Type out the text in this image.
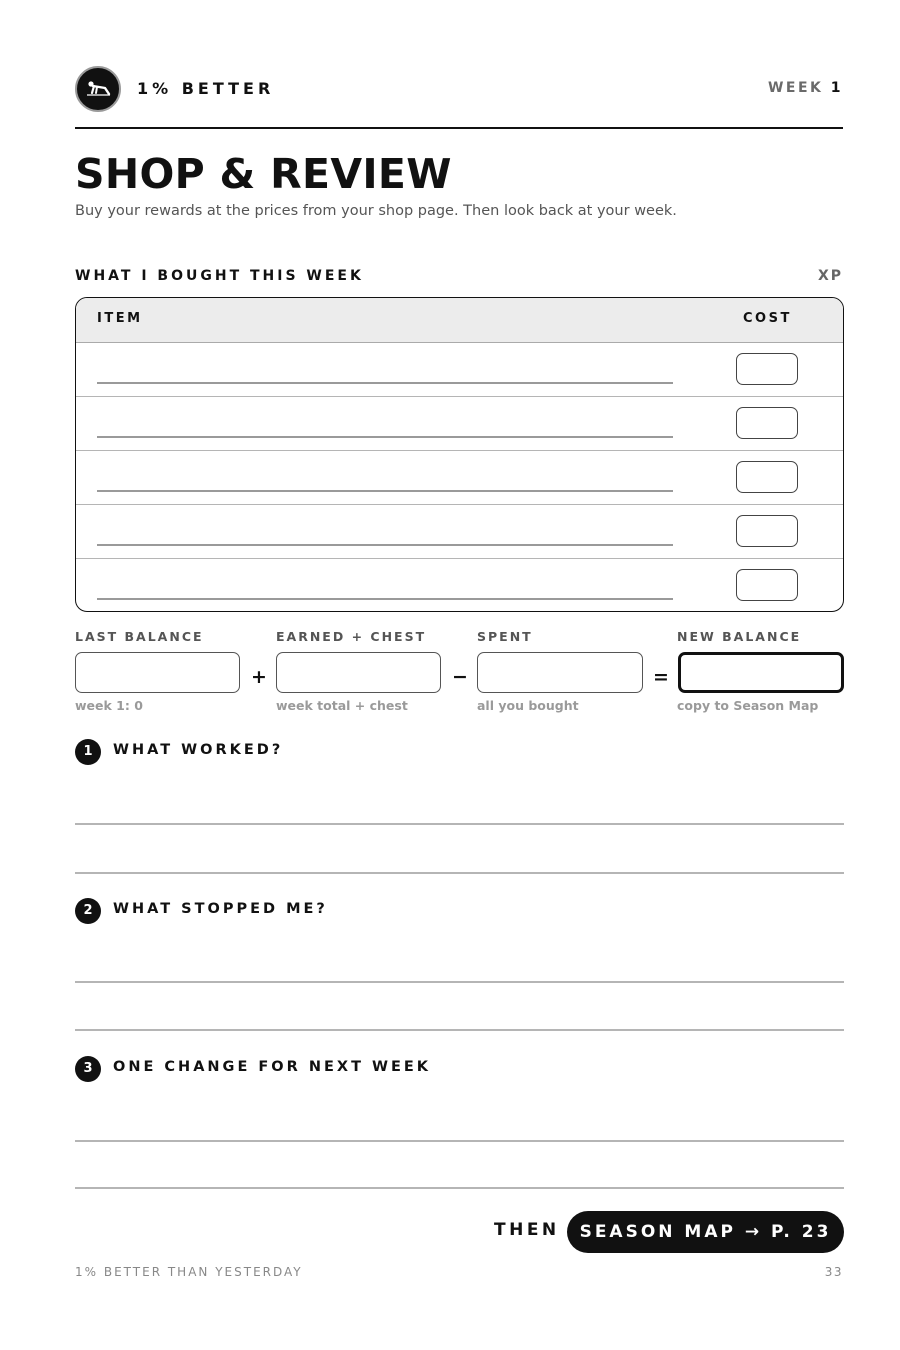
1% BETTER	WEEK 1
SHOP & REVIEW
Buy your rewards at the prices from your shop page. Then look back at your week.
WHAT I BOUGHT THIS WEEK	XP
ITEM	COST
LAST BALANCE
week 1: 0
+
EARNED + CHEST
week total + chest
−
SPENT
all you bought
=
NEW BALANCE
copy to Season Map
1	WHAT WORKED?
2	WHAT STOPPED ME?
3	ONE CHANGE FOR NEXT WEEK
THEN	SEASON MAP → P. 23
1% BETTER THAN YESTERDAY	33
